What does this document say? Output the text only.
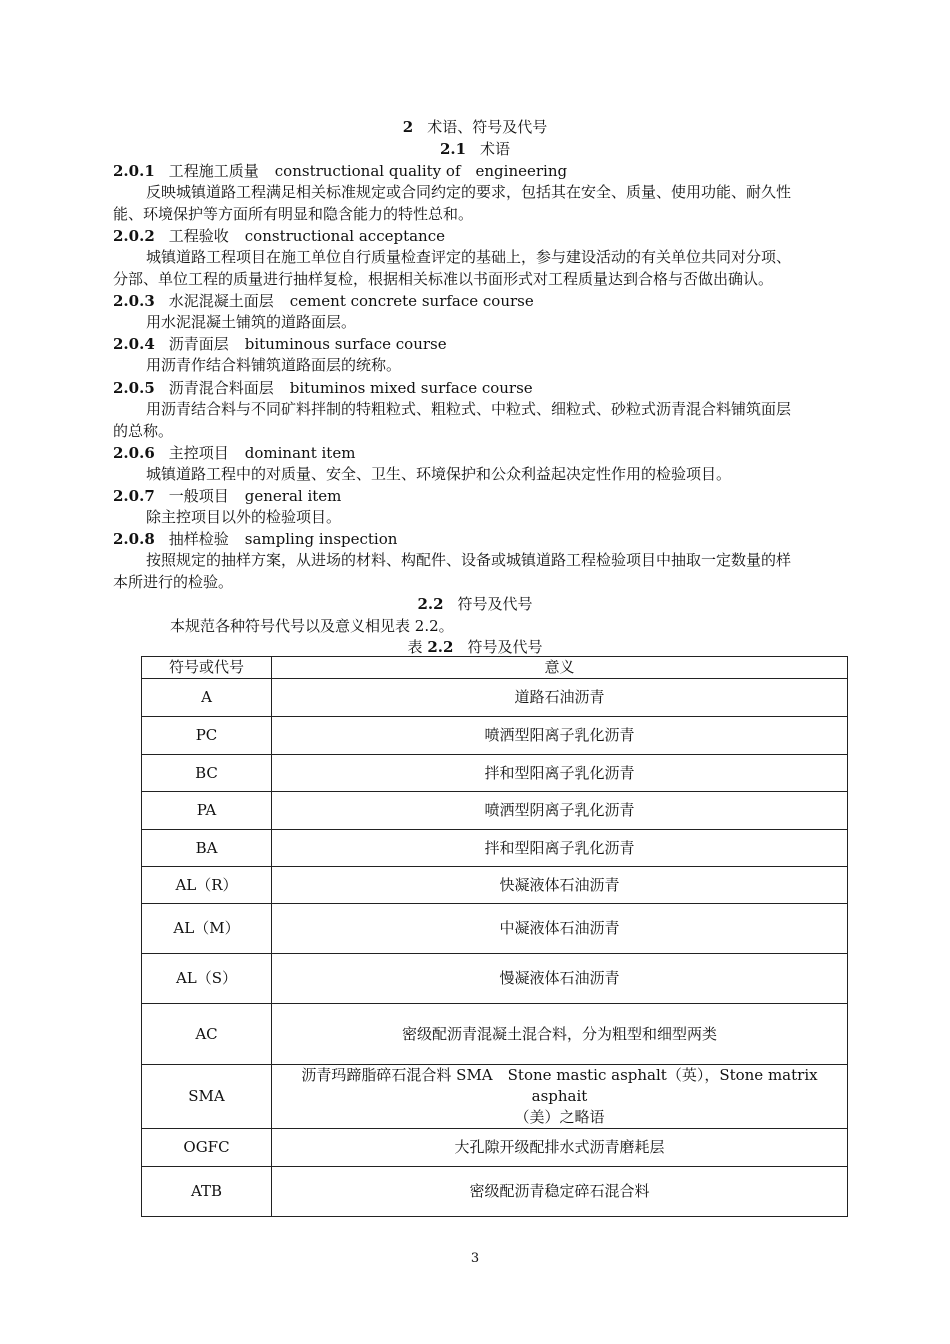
2 术语、符号及代号
2.1 术语
2.0.1 工程施工质量 constructional quality of　engineering
反映城镇道路工程满足相关标准规定或合同约定的要求，包括其在安全、质量、使用功能、耐久性
能、环境保护等方面所有明显和隐含能力的特性总和。
2.0.2 工程验收 constructional acceptance
城镇道路工程项目在施工单位自行质量检查评定的基础上，参与建设活动的有关单位共同对分项、
分部、单位工程的质量进行抽样复检，根据相关标准以书面形式对工程质量达到合格与否做出确认。
2.0.3 水泥混凝土面层 cement concrete surface course
用水泥混凝土铺筑的道路面层。
2.0.4 沥青面层 bituminous surface course
用沥青作结合料铺筑道路面层的统称。
2.0.5 沥青混合料面层 bituminos mixed surface course
用沥青结合料与不同矿料拌制的特粗粒式、粗粒式、中粒式、细粒式、砂粒式沥青混合料铺筑面层
的总称。
2.0.6 主控项目 dominant item
城镇道路工程中的对质量、安全、卫生、环境保护和公众利益起决定性作用的检验项目。
2.0.7 一般项目 general item
除主控项目以外的检验项目。
2.0.8 抽样检验 sampling inspection
按照规定的抽样方案，从进场的材料、构配件、设备或城镇道路工程检验项目中抽取一定数量的样
本所进行的检验。
2.2 符号及代号
本规范各种符号代号以及意义相见表 2.2。
表 2.2 符号及代号
符号或代号	意义
A	道路石油沥青
PC	喷洒型阳离子乳化沥青
BC	拌和型阳离子乳化沥青
PA	喷洒型阴离子乳化沥青
BA	拌和型阳离子乳化沥青
AL（R）	快凝液体石油沥青
AL（M）	中凝液体石油沥青
AL（S）	慢凝液体石油沥青
AC	密级配沥青混凝土混合料，分为粗型和细型两类
SMA	沥青玛蹄脂碎石混合料 SMA　Stone mastic asphalt（英），Stone matrix asphait
（美）之略语

OGFC	大孔隙开级配排水式沥青磨耗层
ATB	密级配沥青稳定碎石混合料
3
